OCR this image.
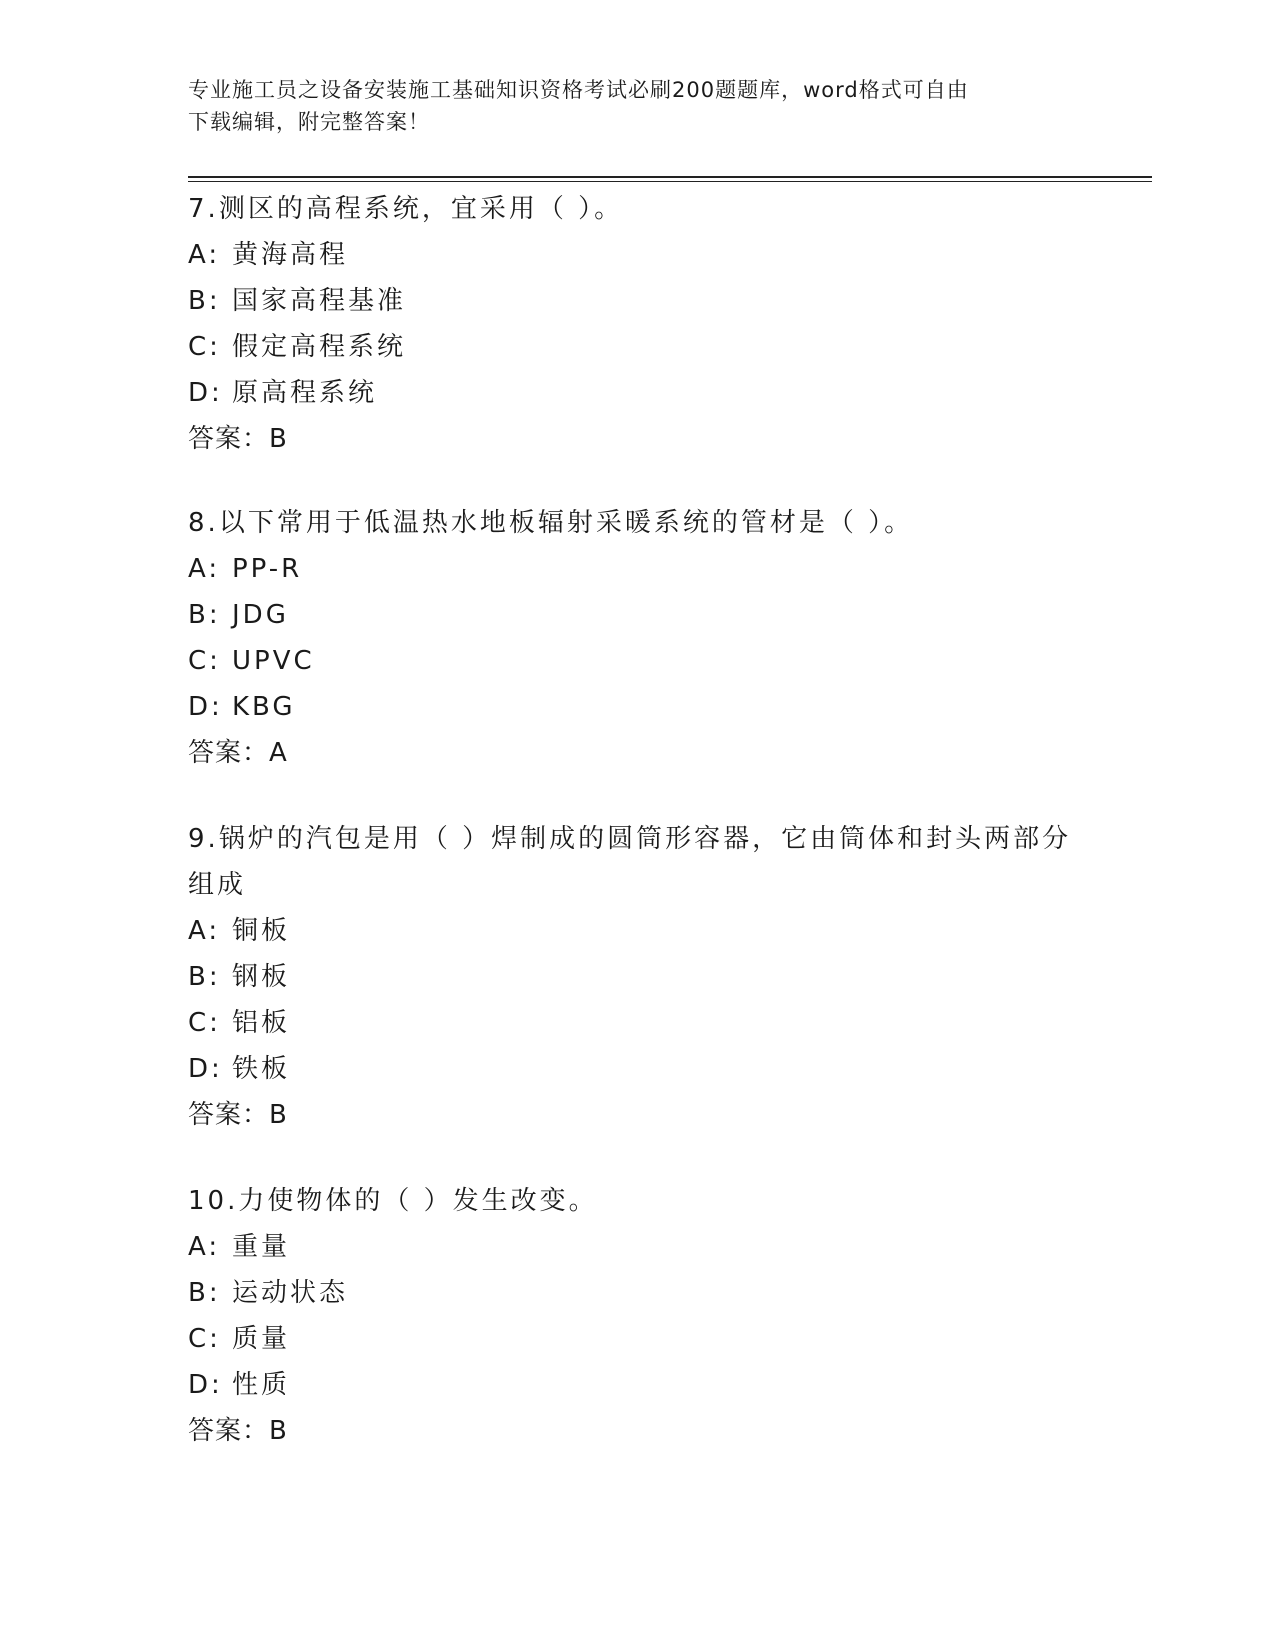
专业施工员之设备安装施工基础知识资格考试必刷200题题库，word格式可自由
下载编辑，附完整答案！
7.测区的高程系统，宜采用（ ）。
A: 黄海高程
B: 国家高程基准
C: 假定高程系统
D: 原高程系统
答案：B
8.以下常用于低温热水地板辐射采暖系统的管材是（ ）。
A: PP-R
B: JDG
C: UPVC
D: KBG
答案：A
9.锅炉的汽包是用（ ）焊制成的圆筒形容器，它由筒体和封头两部分组成
A: 铜板
B: 钢板
C: 铝板
D: 铁板
答案：B
10.力使物体的（ ）发生改变。
A: 重量
B: 运动状态
C: 质量
D: 性质
答案：B
